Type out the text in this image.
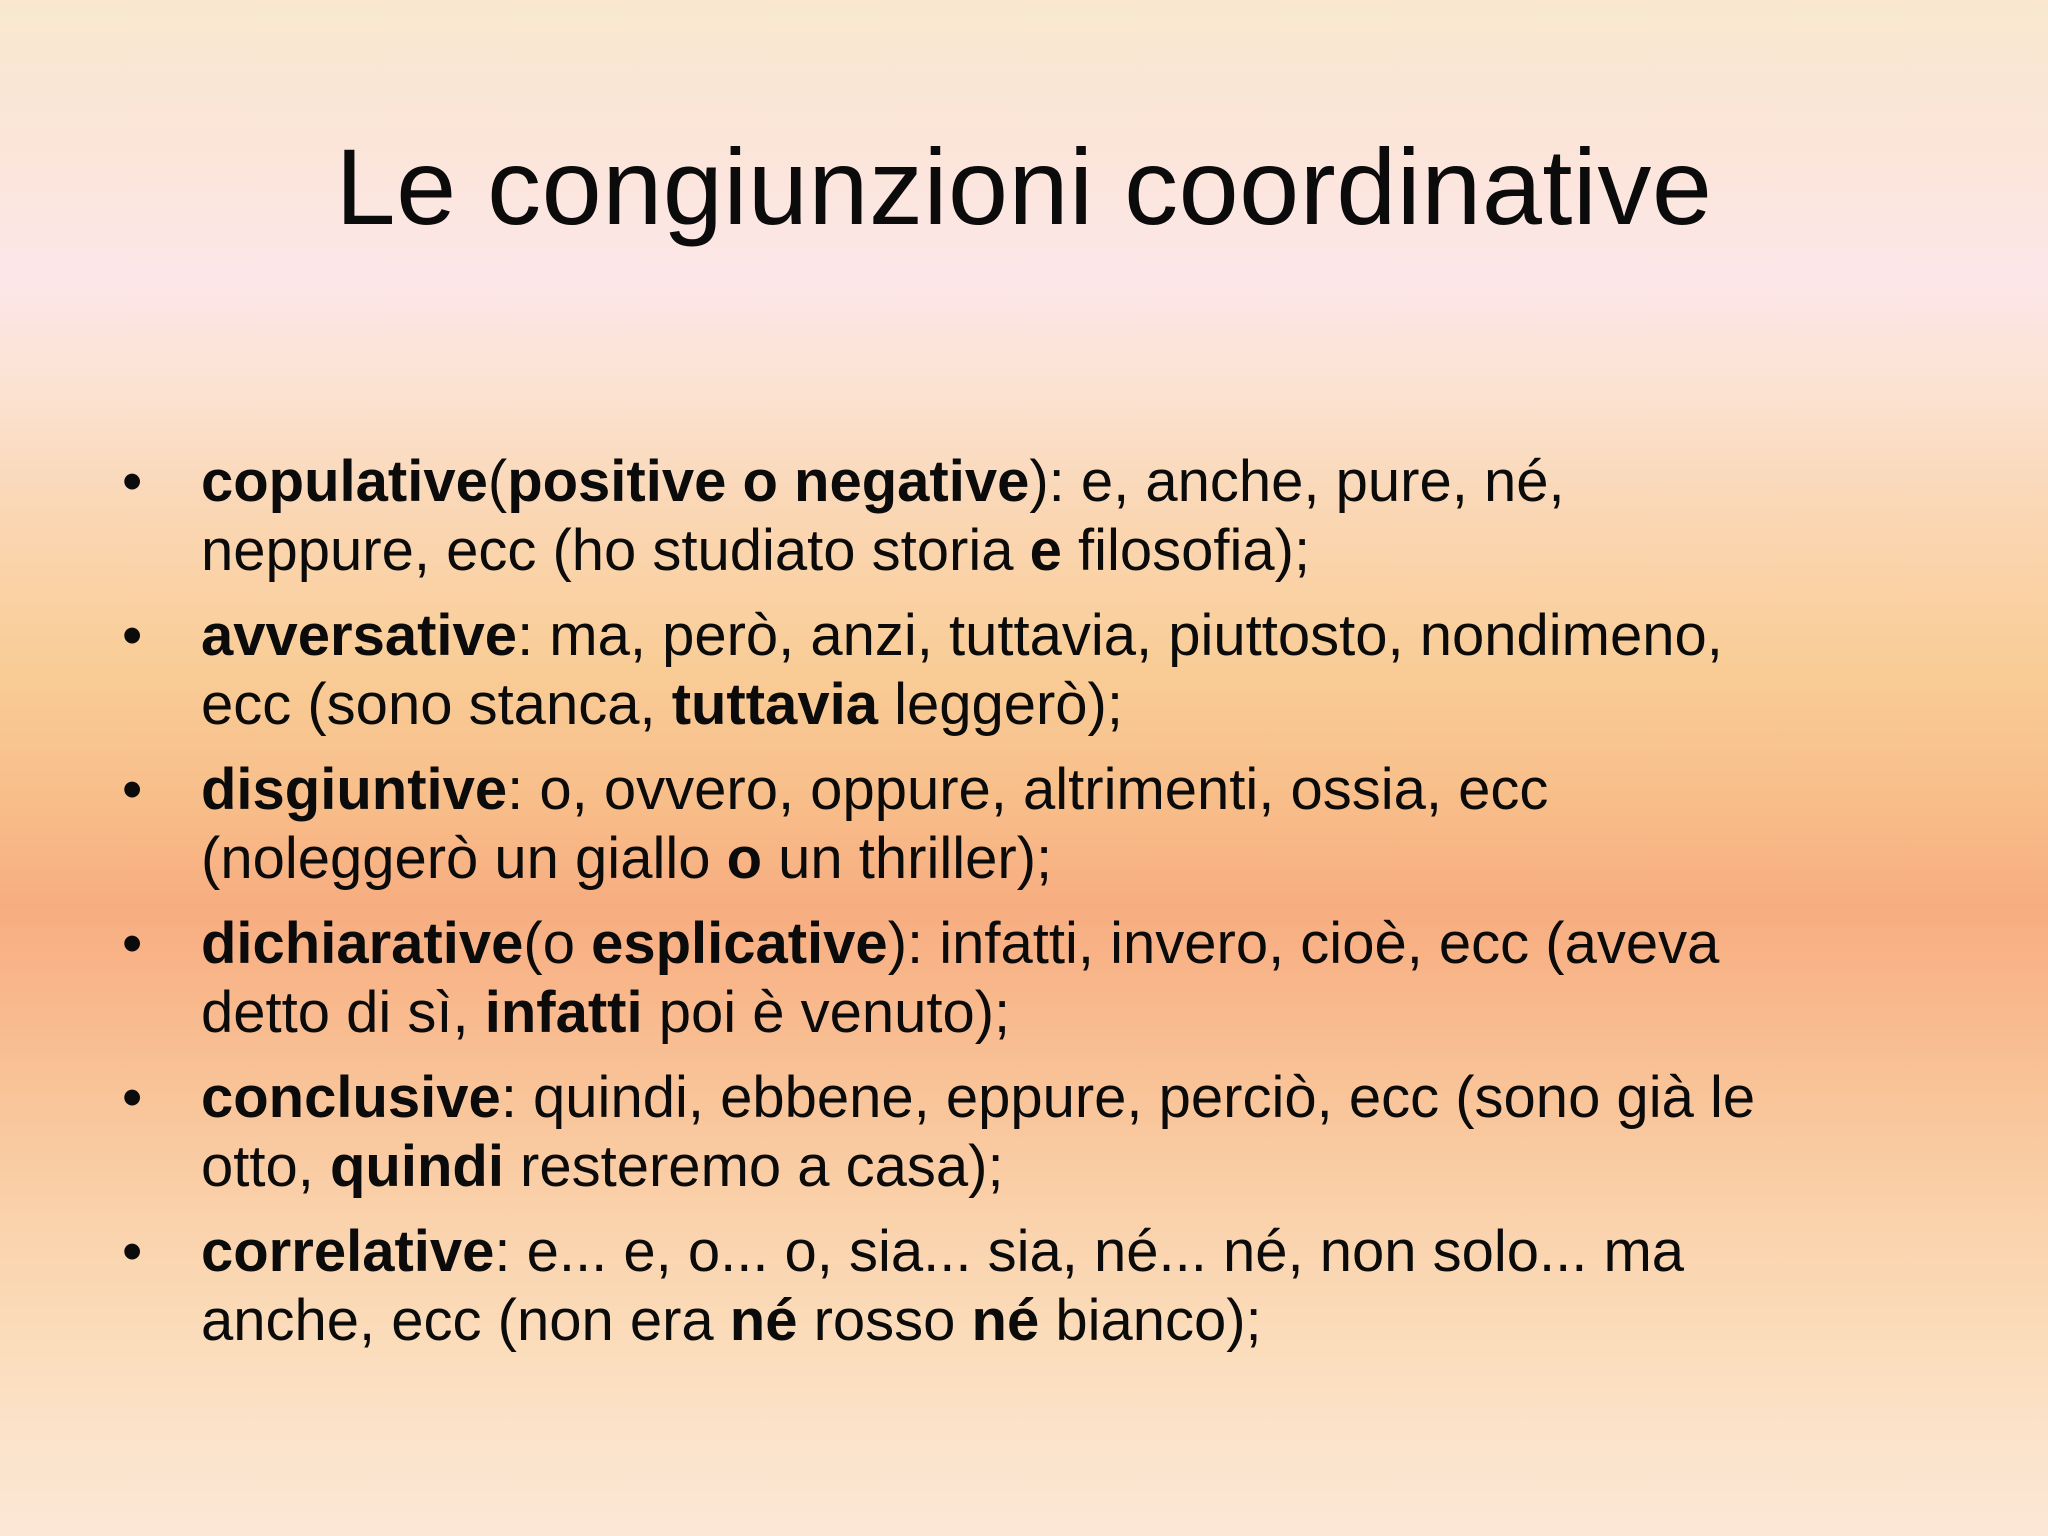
Le congiunzioni coordinative
•	copulative(positive o negative): e, anche, pure, né,
neppure, ecc (ho studiato storia e filosofia);
•	avversative: ma, però, anzi, tuttavia, piuttosto, nondimeno,
ecc (sono stanca, tuttavia leggerò);
•	disgiuntive: o, ovvero, oppure, altrimenti, ossia, ecc
(noleggerò un giallo o un thriller);
•	dichiarative(o esplicative): infatti, invero, cioè, ecc (aveva
detto di sì, infatti poi è venuto);
•	conclusive: quindi, ebbene, eppure, perciò, ecc (sono già le
otto, quindi resteremo a casa);
•	correlative: e... e, o... o, sia... sia, né... né, non solo... ma
anche, ecc (non era né rosso né bianco);
